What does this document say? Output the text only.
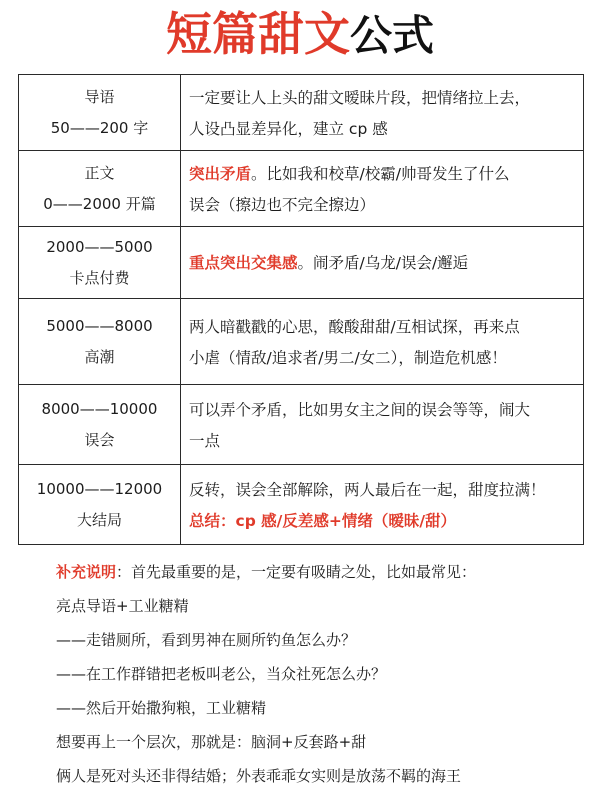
短篇甜文公式
导语
50——200 字
一定要让人上头的甜文暧昧片段，把情绪拉上去，
人设凸显差异化，建立 cp 感
正文
0——2000 开篇
突出矛盾。比如我和校草/校霸/帅哥发生了什么
误会（擦边也不完全擦边）
2000——5000
卡点付费
重点突出交集感。闹矛盾/乌龙/误会/邂逅
5000——8000
高潮
两人暗戳戳的心思，酸酸甜甜/互相试探，再来点
小虐（情敌/追求者/男二/女二），制造危机感！
8000——10000
误会
可以弄个矛盾，比如男女主之间的误会等等，闹大
一点
10000——12000
大结局
反转，误会全部解除，两人最后在一起，甜度拉满！
总结：cp 感/反差感+情绪（暧昧/甜）
补充说明：首先最重要的是，一定要有吸睛之处，比如最常见：
亮点导语+工业糖精
——走错厕所，看到男神在厕所钓鱼怎么办？
——在工作群错把老板叫老公，当众社死怎么办？
——然后开始撒狗粮，工业糖精
想要再上一个层次，那就是：脑洞+反套路+甜
俩人是死对头还非得结婚；外表乖乖女实则是放荡不羁的海王
